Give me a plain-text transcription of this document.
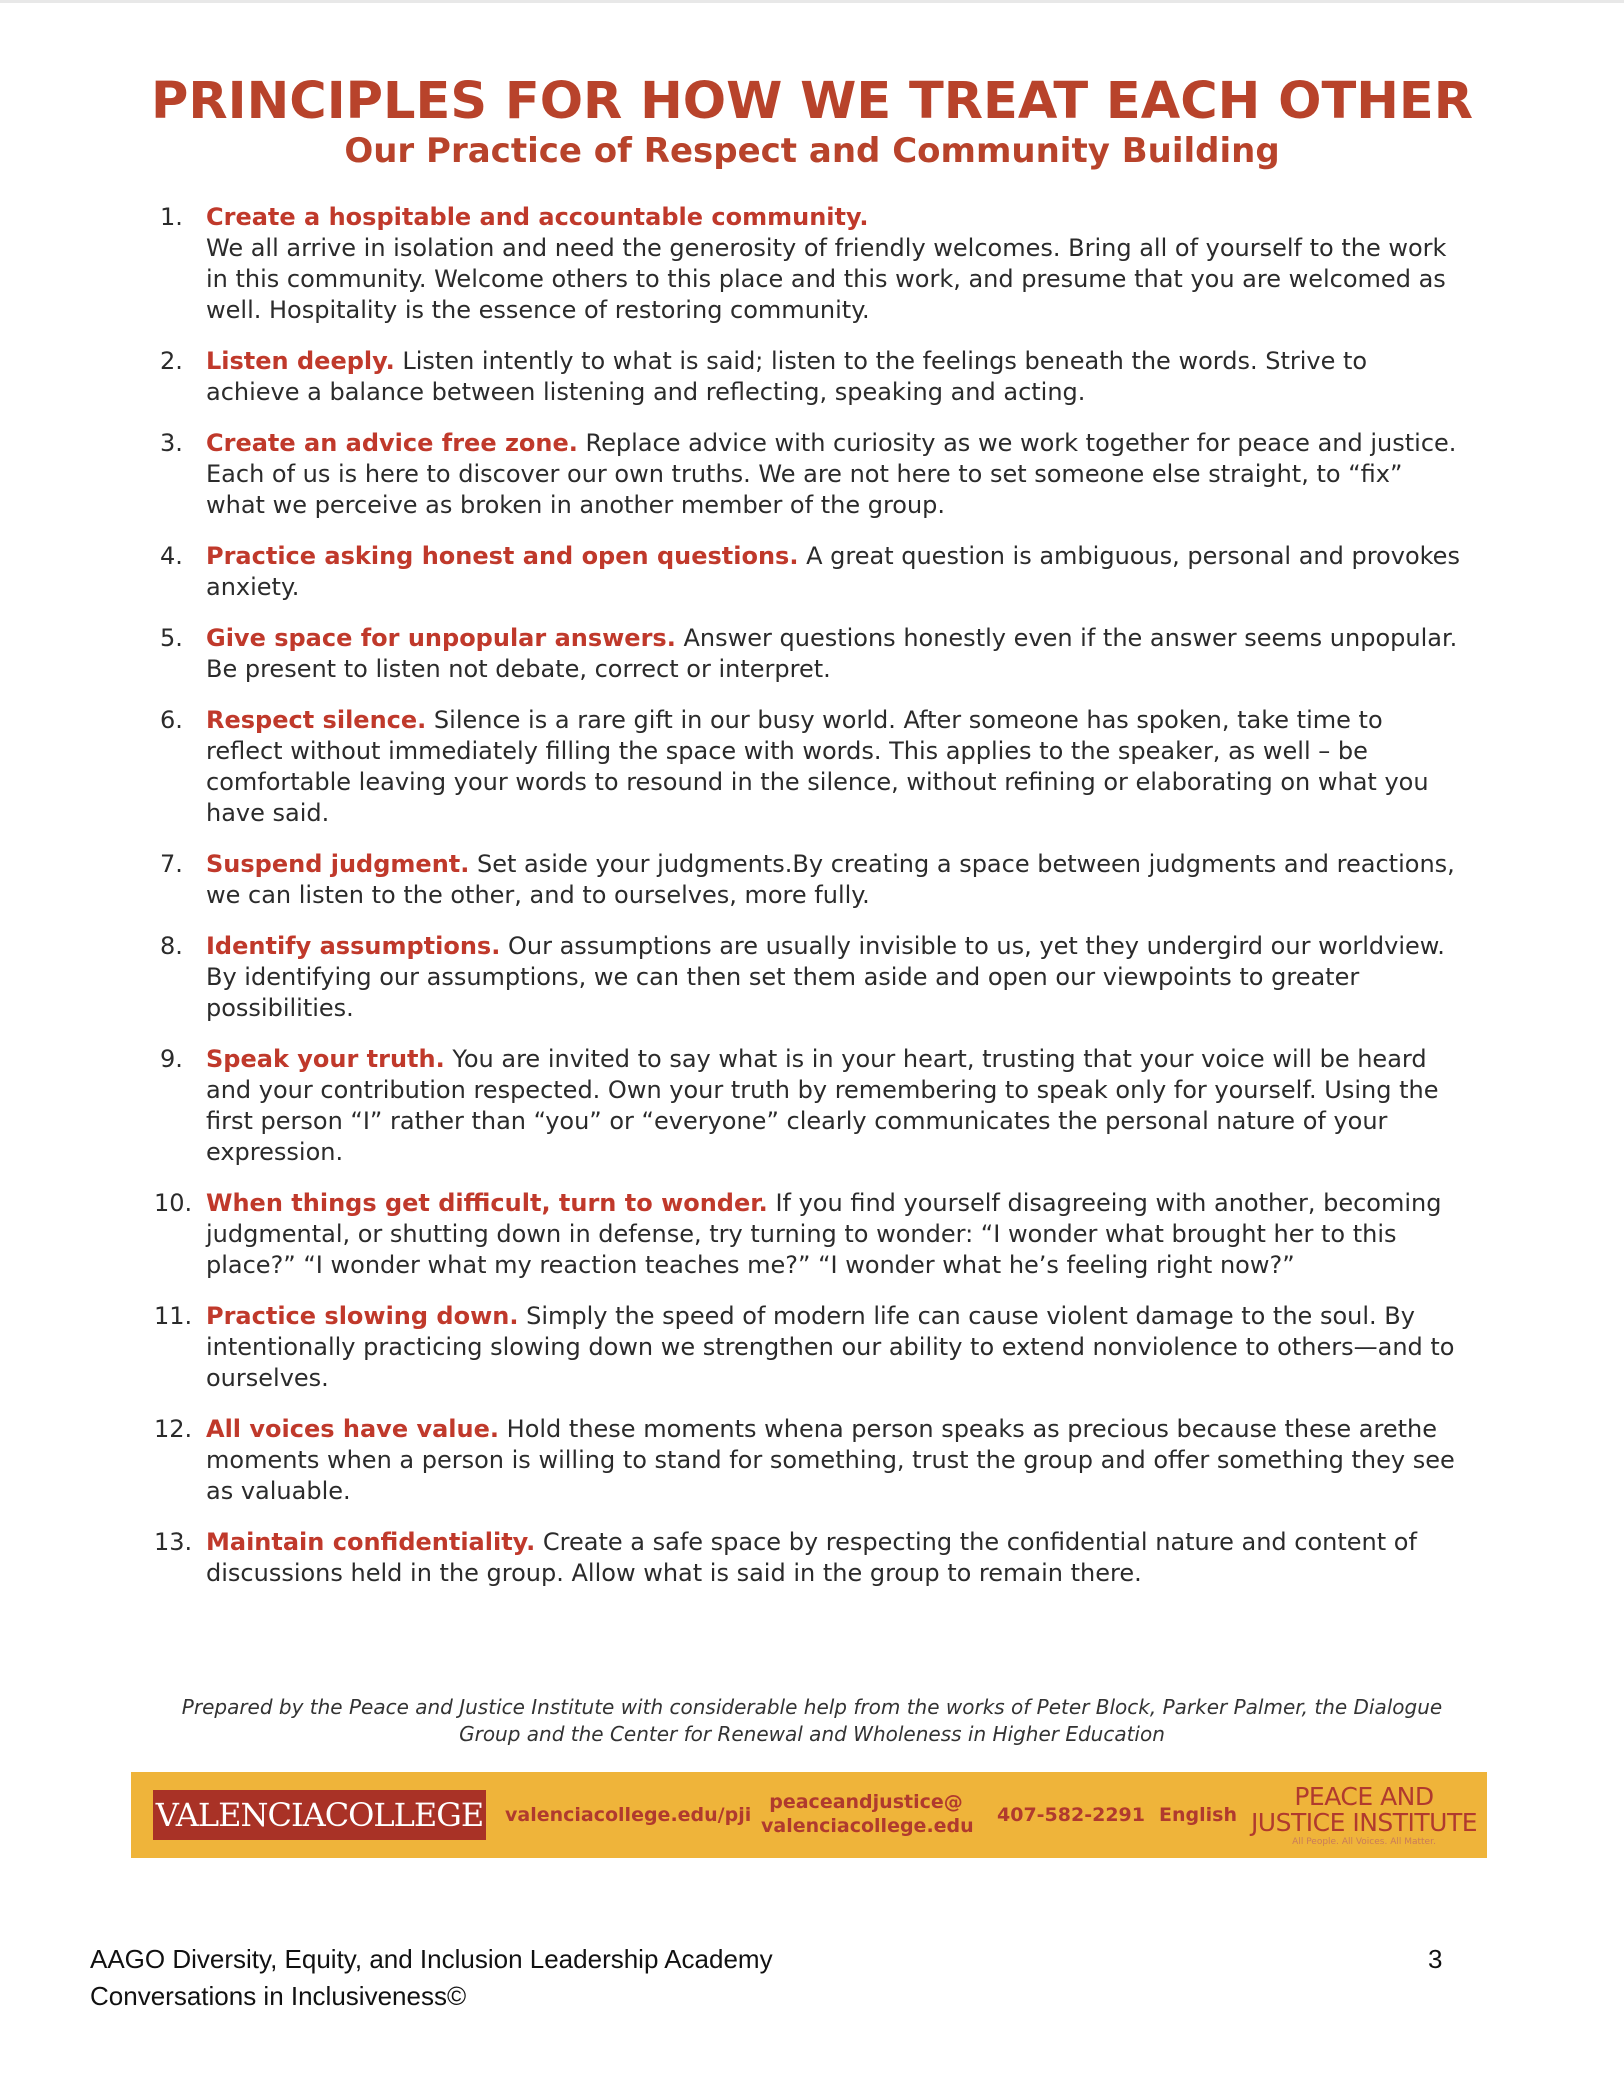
PRINCIPLES FOR HOW WE TREAT EACH OTHER
Our Practice of Respect and Community Building
1. Create a hospitable and accountable community.
We all arrive in isolation and need the generosity of friendly welcomes. Bring all of yourself to the work in this community. Welcome others to this place and this work, and presume that you are welcomed as well. Hospitality is the essence of restoring community.
2. Listen deeply. Listen intently to what is said; listen to the feelings beneath the words. Strive to achieve a balance between listening and reflecting, speaking and acting.
3. Create an advice free zone. Replace advice with curiosity as we work together for peace and justice. Each of us is here to discover our own truths. We are not here to set someone else straight, to “fix” what we perceive as broken in another member of the group.
4. Practice asking honest and open questions. A great question is ambiguous, personal and provokes anxiety.
5. Give space for unpopular answers. Answer questions honestly even if the answer seems unpopular. Be present to listen not debate, correct or interpret.
6. Respect silence. Silence is a rare gift in our busy world. After someone has spoken, take time to reflect without immediately filling the space with words. This applies to the speaker, as well – be comfortable leaving your words to resound in the silence, without refining or elaborating on what you have said.
7. Suspend judgment. Set aside your judgments.By creating a space between judgments and reactions, we can listen to the other, and to ourselves, more fully.
8. Identify assumptions. Our assumptions are usually invisible to us, yet they undergird our worldview. By identifying our assumptions, we can then set them aside and open our viewpoints to greater possibilities.
9. Speak your truth. You are invited to say what is in your heart, trusting that your voice will be heard and your contribution respected. Own your truth by remembering to speak only for yourself. Using the first person “I” rather than “you” or “everyone” clearly communicates the personal nature of your expression.
10. When things get difficult, turn to wonder. If you find yourself disagreeing with another, becoming judgmental, or shutting down in defense, try turning to wonder: “I wonder what brought her to this place?” “I wonder what my reaction teaches me?” “I wonder what he’s feeling right now?”
11. Practice slowing down. Simply the speed of modern life can cause violent damage to the soul. By intentionally practicing slowing down we strengthen our ability to extend nonviolence to others—and to ourselves.
12. All voices have value. Hold these moments whena person speaks as precious because these arethe moments when a person is willing to stand for something, trust the group and offer something they see as valuable.
13. Maintain confidentiality. Create a safe space by respecting the confidential nature and content of discussions held in the group. Allow what is said in the group to remain there.
Prepared by the Peace and Justice Institute with considerable help from the works of Peter Block, Parker Palmer, the Dialogue Group and the Center for Renewal and Wholeness in Higher Education
VALENCIACOLLEGE valenciacollege.edu/pji
peaceandjustice@
valenciacollege.edu 407-582-2291 English
PEACE AND
JUSTICE INSTITUTE
All People. All Voices. All Matter.
AAGO Diversity, Equity, and Inclusion Leadership Academy
Conversations in Inclusiveness©
3
